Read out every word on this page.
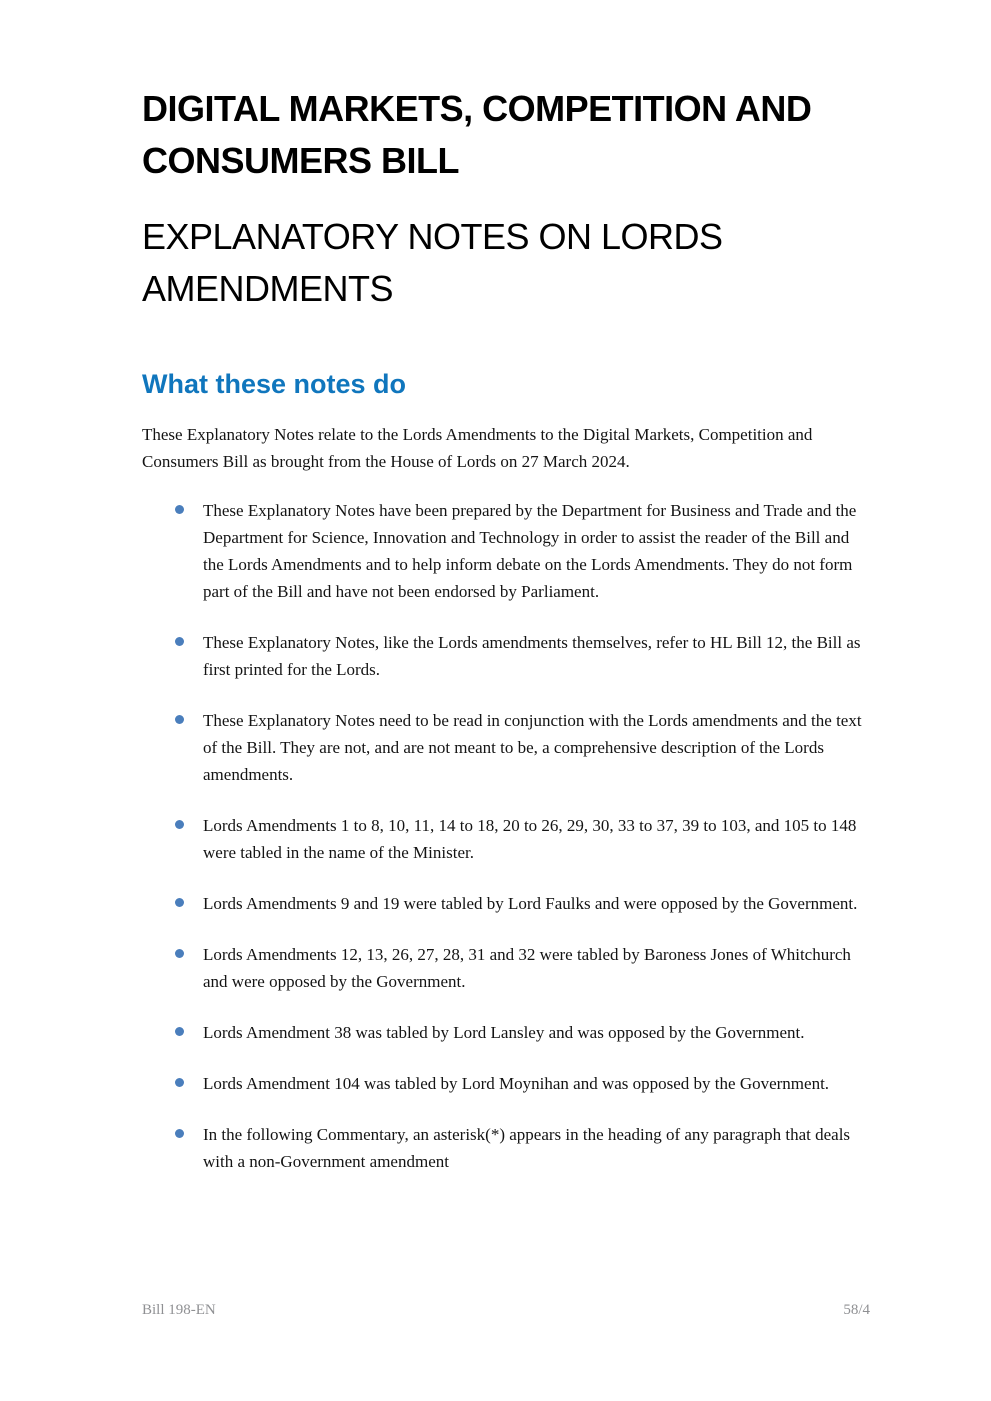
DIGITAL MARKETS, COMPETITION AND CONSUMERS BILL
EXPLANATORY NOTES ON LORDS AMENDMENTS
What these notes do

These Explanatory Notes relate to the Lords Amendments to the Digital Markets, Competition and Consumers Bill as brought from the House of Lords on 27 March 2024.

These Explanatory Notes have been prepared by the Department for Business and Trade and the Department for Science, Innovation and Technology in order to assist the reader of the Bill and the Lords Amendments and to help inform debate on the Lords Amendments. They do not form part of the Bill and have not been endorsed by Parliament.
These Explanatory Notes, like the Lords amendments themselves, refer to HL Bill 12, the Bill as first printed for the Lords.
These Explanatory Notes need to be read in conjunction with the Lords amendments and the text of the Bill. They are not, and are not meant to be, a comprehensive description of the Lords amendments.
Lords Amendments 1 to 8, 10, 11, 14 to 18, 20 to 26, 29, 30, 33 to 37, 39 to 103, and 105 to 148 were tabled in the name of the Minister.
Lords Amendments 9 and 19 were tabled by Lord Faulks and were opposed by the Government.
Lords Amendments 12, 13, 26, 27, 28, 31 and 32 were tabled by Baroness Jones of Whitchurch and were opposed by the Government.
Lords Amendment 38 was tabled by Lord Lansley and was opposed by the Government.
Lords Amendment 104 was tabled by Lord Moynihan and was opposed by the Government.
In the following Commentary, an asterisk(*) appears in the heading of any paragraph that deals with a non-Government amendment
Bill 198-EN	58/4
